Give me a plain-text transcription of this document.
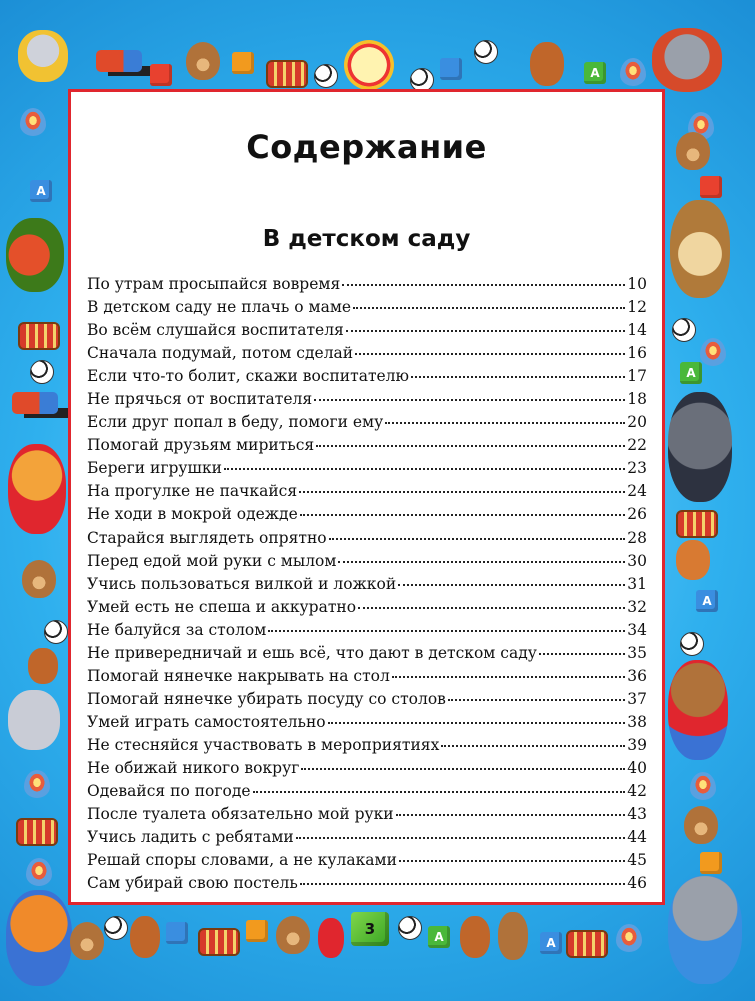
A
А
А
А
А	А
Содержание
В детском саду
По утрам просыпайся вовремя	10
В детском саду не плачь о маме	12
Во всём слушайся воспитателя	14
Сначала подумай, потом сделай	16
Если что-то болит, скажи воспитателю	17
Не прячься от воспитателя	18
Если друг попал в беду, помоги ему	20
Помогай друзьям мириться	22
Береги игрушки	23
На прогулке не пачкайся	24
Не ходи в мокрой одежде	26
Старайся выглядеть опрятно	28
Перед едой мой руки с мылом	30
Учись пользоваться вилкой и ложкой	31
Умей есть не спеша и аккуратно	32
Не балуйся за столом	34
Не привередничай и ешь всё, что дают в детском саду	35
Помогай нянечке накрывать на стол	36
Помогай нянечке убирать посуду со столов	37
Умей играть самостоятельно	38
Не стесняйся участвовать в мероприятиях	39
Не обижай никого вокруг	40
Одевайся по погоде	42
После туалета обязательно мой руки	43
Учись ладить с ребятами	44
Решай споры словами, а не кулаками	45
Сам убирай свою постель	46
3
